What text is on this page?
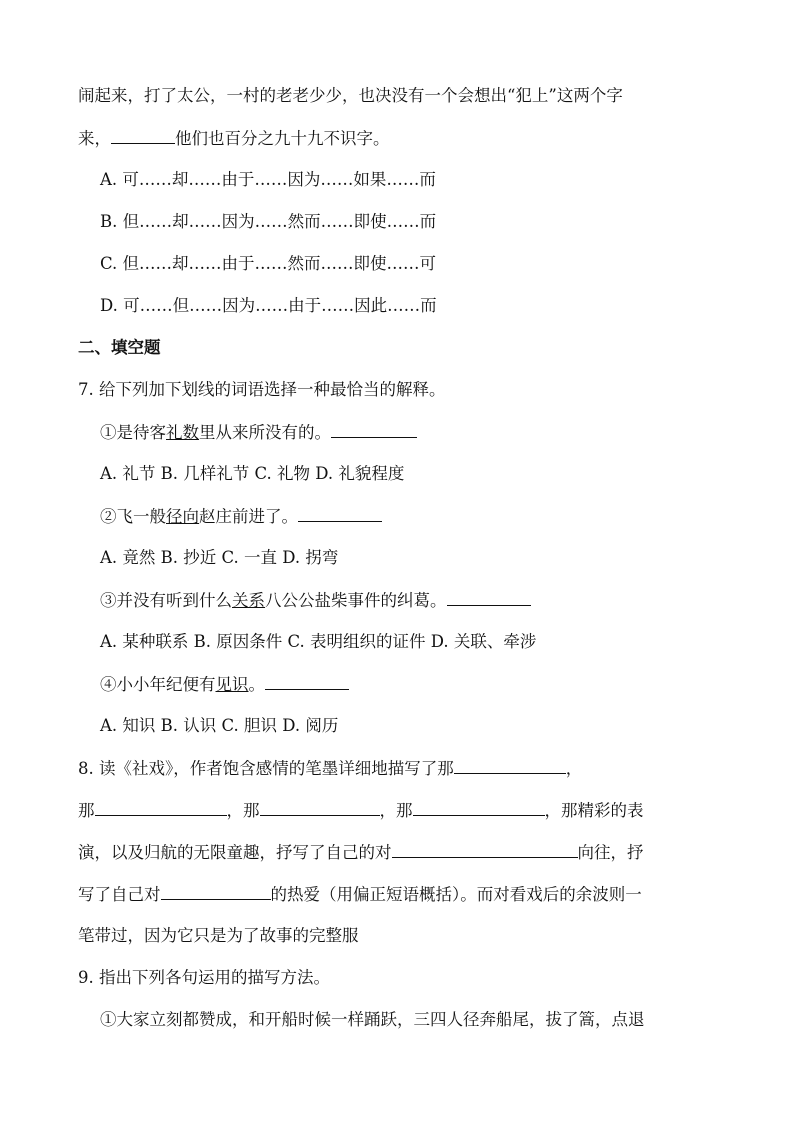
闹起来，打了太公，一村的老老少少，也决没有一个会想出“犯上”这两个字
来，	他们也百分之九十九不识字。
A. 可……却……由于……因为……如果……而
B. 但……却……因为……然而……即使……而
C. 但……却……由于……然而……即使……可
D. 可……但……因为……由于……因此……而
二、填空题
7. 给下列加下划线的词语选择一种最恰当的解释。
①是待客礼数里从来所没有的。
A. 礼节 B. 几样礼节 C. 礼物 D. 礼貌程度
②飞一般径向赵庄前进了。
A. 竟然 B. 抄近 C. 一直 D. 拐弯
③并没有听到什么关系八公公盐柴事件的纠葛。
A. 某种联系 B. 原因条件 C. 表明组织的证件 D. 关联、牵涉
④小小年纪便有见识。
A. 知识 B. 认识 C. 胆识 D. 阅历
8. 读《社戏》，作者饱含感情的笔墨详细地描写了那	，
那	，那	，那	，那精彩的表
演，以及归航的无限童趣，抒写了自己的对	向往，抒
写了自己对	的热爱（用偏正短语概括）。而对看戏后的余波则一
笔带过，因为它只是为了故事的完整服
9. 指出下列各句运用的描写方法。
①大家立刻都赞成，和开船时候一样踊跃，三四人径奔船尾，拔了篙，点退
